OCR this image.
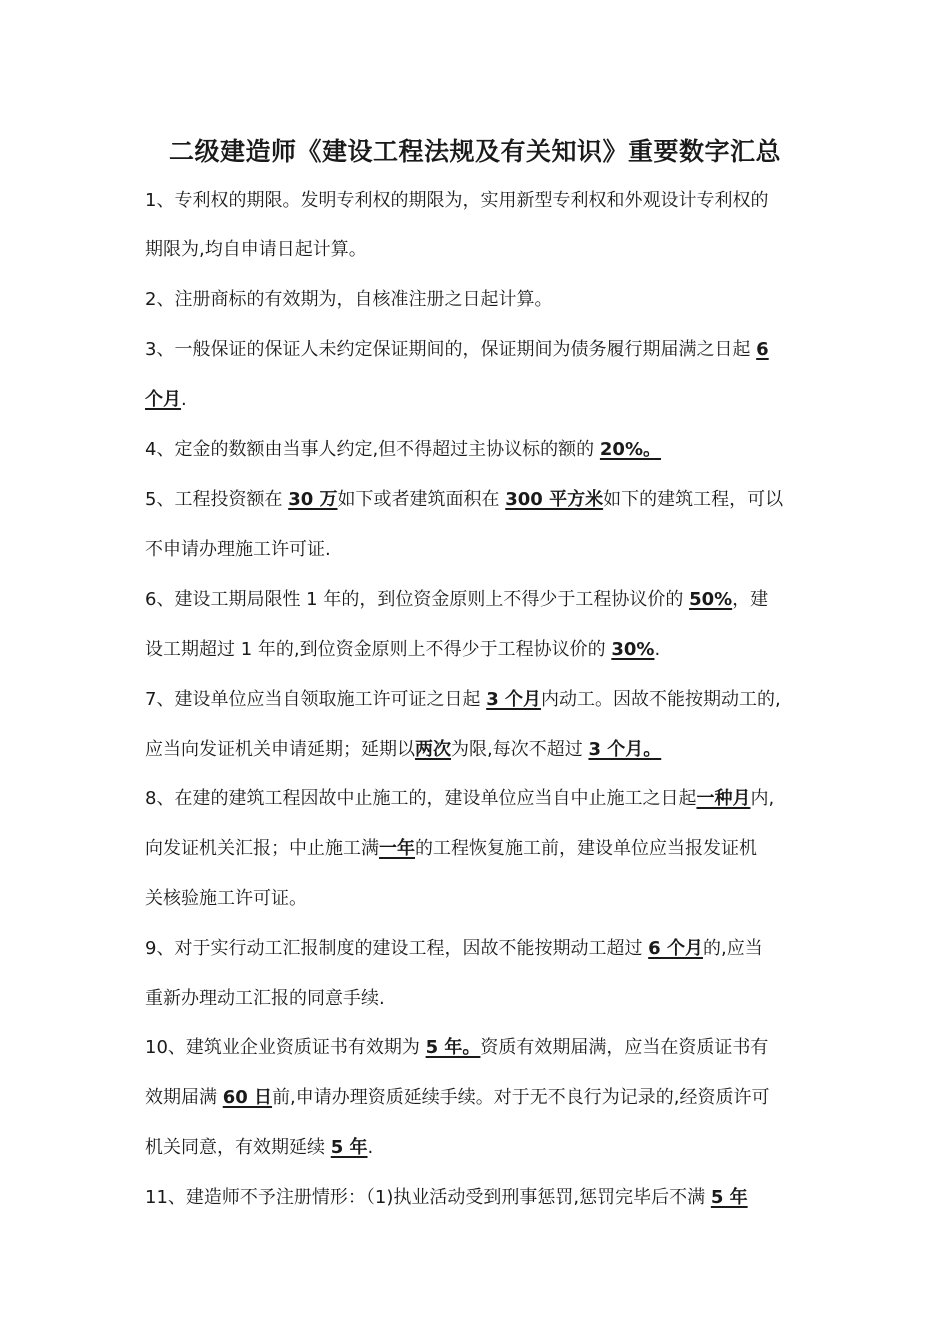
二级建造师《建设工程法规及有关知识》重要数字汇总
1、专利权的期限。发明专利权的期限为，实用新型专利权和外观设计专利权的
期限为,均自申请日起计算。
2、注册商标的有效期为，自核准注册之日起计算。
3、一般保证的保证人未约定保证期间的，保证期间为债务履行期届满之日起 6
个月.
4、定金的数额由当事人约定,但不得超过主协议标的额的 20%。
5、工程投资额在 30 万如下或者建筑面积在 300 平方米如下的建筑工程，可以
不申请办理施工许可证.
6、建设工期局限性 1 年的，到位资金原则上不得少于工程协议价的 50%，建
设工期超过 1 年的,到位资金原则上不得少于工程协议价的 30%.
7、建设单位应当自领取施工许可证之日起 3 个月内动工。因故不能按期动工的,
应当向发证机关申请延期；延期以两次为限,每次不超过 3 个月。
8、在建的建筑工程因故中止施工的，建设单位应当自中止施工之日起一种月内,
向发证机关汇报；中止施工满一年的工程恢复施工前，建设单位应当报发证机
关核验施工许可证。
9、对于实行动工汇报制度的建设工程，因故不能按期动工超过 6 个月的,应当
重新办理动工汇报的同意手续.
10、建筑业企业资质证书有效期为 5 年。资质有效期届满，应当在资质证书有
效期届满 60 日前,申请办理资质延续手续。对于无不良行为记录的,经资质许可
机关同意，有效期延续 5 年.
11、建造师不予注册情形：（1)执业活动受到刑事惩罚,惩罚完毕后不满 5 年
